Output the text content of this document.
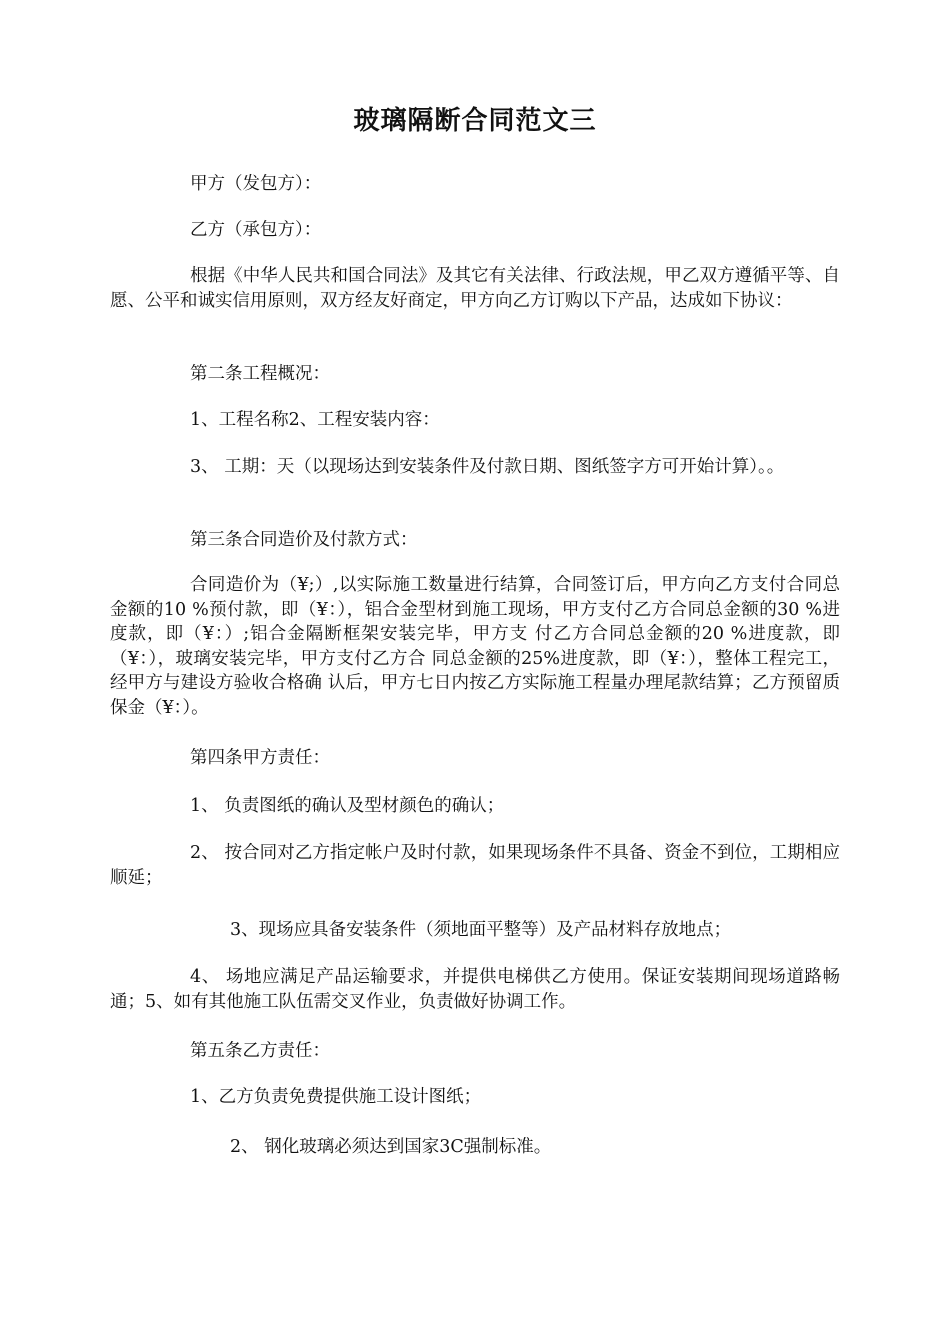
玻璃隔断合同范文三

甲方（发包方）：

乙方（承包方）：

根据《中华人民共和国合同法》及其它有关法律、行政法规，甲乙双方遵循平等、自愿、公平和诚实信用原则，双方经友好商定，甲方向乙方订购以下产品，达成如下协议：

第二条工程概况：

1、工程名称2、工程安装内容：

3、 工期：天（以现场达到安装条件及付款日期、图纸签字方可开始计算）。。

第三条合同造价及付款方式：

合同造价为（¥;）,以实际施工数量进行结算，合同签订后，甲方向乙方支付合同总金额的10 %预付款，即（¥：），铝合金型材到施工现场，甲方支付乙方合同总金额的30 %进度款，即（¥：）;铝合金隔断框架安装完毕，甲方支 付乙方合同总金额的20 %进度款，即（¥：），玻璃安装完毕，甲方支付乙方合 同总金额的25%进度款，即（¥：），整体工程完工，经甲方与建设方验收合格确 认后，甲方七日内按乙方实际施工程量办理尾款结算；乙方预留质保金（¥：）。

第四条甲方责任：

1、 负责图纸的确认及型材颜色的确认；

2、 按合同对乙方指定帐户及时付款，如果现场条件不具备、资金不到位，工期相应顺延；

3、现场应具备安装条件（须地面平整等）及产品材料存放地点；

4、 场地应满足产品运输要求，并提供电梯供乙方使用。保证安装期间现场道路畅通；5、如有其他施工队伍需交叉作业，负责做好协调工作。

第五条乙方责任：

1、乙方负责免费提供施工设计图纸；

2、 钢化玻璃必须达到国家3C强制标准。
